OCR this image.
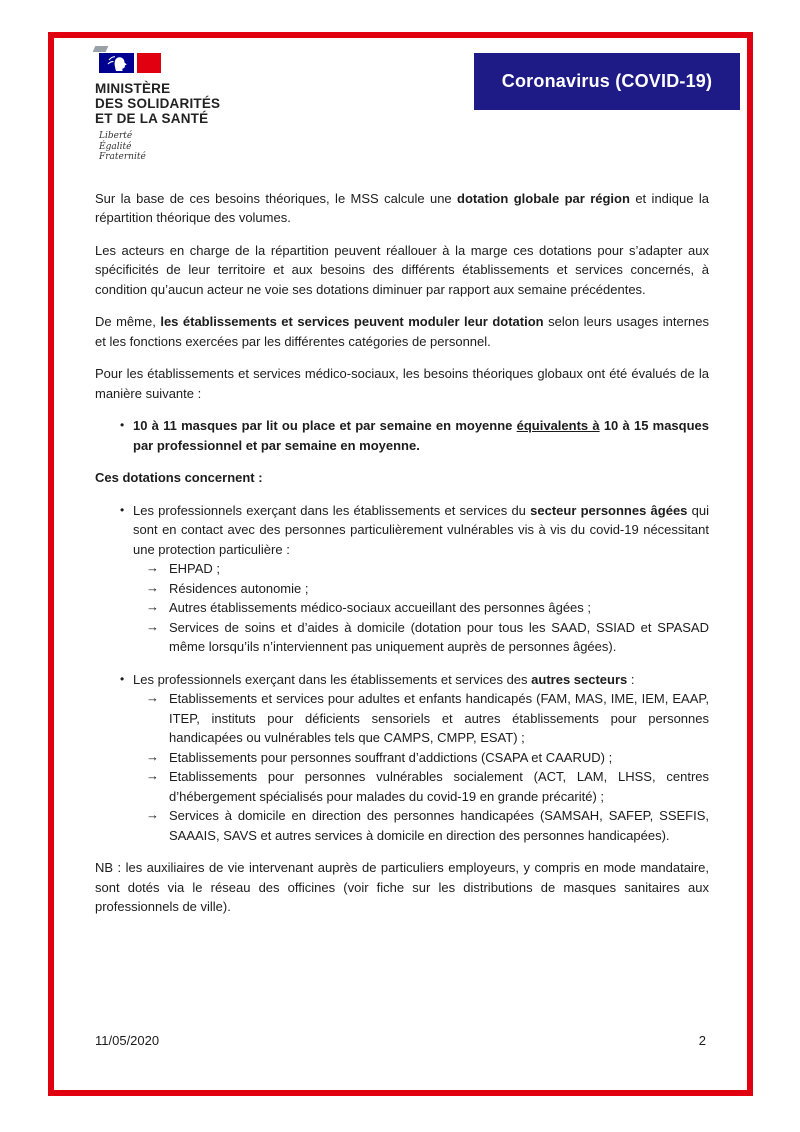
MINISTÈRE
DES SOLIDARITÉS
ET DE LA SANTÉ
Liberté
Égalité
Fraternité
Coronavirus (COVID-19)
Sur la base de ces besoins théoriques, le MSS calcule une dotation globale par région et indique la répartition théorique des volumes.
Les acteurs en charge de la répartition peuvent réallouer à la marge ces dotations pour s’adapter aux spécificités de leur territoire et aux besoins des différents établissements et services concernés, à condition qu’aucun acteur ne voie ses dotations diminuer par rapport aux semaine précédentes.
De même, les établissements et services peuvent moduler leur dotation selon leurs usages internes et les fonctions exercées par les différentes catégories de personnel.
Pour les établissements et services médico-sociaux, les besoins théoriques globaux ont été évalués de la manière suivante :
• 10 à 11 masques par lit ou place et par semaine en moyenne équivalents à 10 à 15 masques par professionnel et par semaine en moyenne.
Ces dotations concernent :
• Les professionnels exerçant dans les établissements et services du secteur personnes âgées qui sont en contact avec des personnes particulièrement vulnérables vis à vis du covid-19 nécessitant une protection particulière :
→ EHPAD ;
→ Résidences autonomie ;
→ Autres établissements médico-sociaux accueillant des personnes âgées ;
→ Services de soins et d’aides à domicile (dotation pour tous les SAAD, SSIAD et SPASAD même lorsqu’ils n’interviennent pas uniquement auprès de personnes âgées).
• Les professionnels exerçant dans les établissements et services des autres secteurs :
→ Etablissements et services pour adultes et enfants handicapés (FAM, MAS, IME, IEM, EAAP, ITEP, instituts pour déficients sensoriels et autres établissements pour personnes handicapées ou vulnérables tels que CAMPS, CMPP, ESAT) ;
→ Etablissements pour personnes souffrant d’addictions (CSAPA et CAARUD) ;
→ Etablissements pour personnes vulnérables socialement (ACT, LAM, LHSS, centres d’hébergement spécialisés pour malades du covid-19 en grande précarité) ;
→ Services à domicile en direction des personnes handicapées (SAMSAH, SAFEP, SSEFIS, SAAAIS, SAVS et autres services à domicile en direction des personnes handicapées).
NB : les auxiliaires de vie intervenant auprès de particuliers employeurs, y compris en mode mandataire, sont dotés via le réseau des officines (voir fiche sur les distributions de masques sanitaires aux professionnels de ville).
11/05/2020	2
